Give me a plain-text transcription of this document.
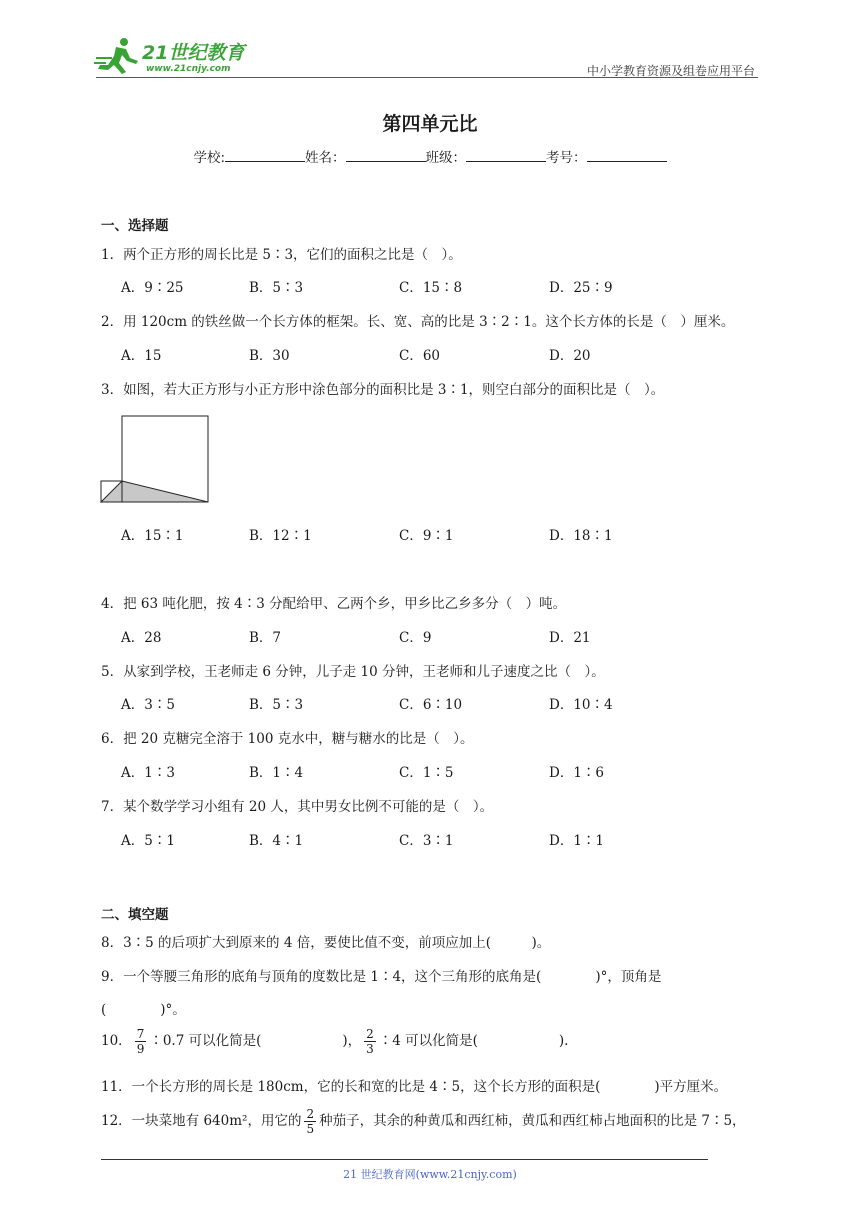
21世纪教育
www.21cnjy.com	中小学教育资源及组卷应用平台
第四单元比
学校:	姓名：	班级：	考号：
一、选择题
1．两个正方形的周长比是 5∶3，它们的面积之比是（　）。
A．9∶25	B．5∶3	C．15∶8	D．25∶9
2．用 120cm 的铁丝做一个长方体的框架。长、宽、高的比是 3∶2∶1。这个长方体的长是（　）厘米。
A．15	B．30	C．60	D．20
3．如图，若大正方形与小正方形中涂色部分的面积比是 3∶1，则空白部分的面积比是（　）。
A．15∶1	B．12∶1	C．9∶1	D．18∶1
4．把 63 吨化肥，按 4∶3 分配给甲、乙两个乡，甲乡比乙乡多分（　）吨。
A．28	B．7	C．9	D．21
5．从家到学校，王老师走 6 分钟，儿子走 10 分钟，王老师和儿子速度之比（　）。
A．3∶5	B．5∶3	C．6∶10	D．10∶4
6．把 20 克糖完全溶于 100 克水中，糖与糖水的比是（　）。
A．1∶3	B．1∶4	C．1∶5	D．1∶6
7．某个数学学习小组有 20 人，其中男女比例不可能的是（　）。
A．5∶1	B．4∶1	C．3∶1	D．1∶1
二、填空题
8．3∶5 的后项扩大到原来的 4 倍，要使比值不变，前项应加上(　　　)。
9．一个等腰三角形的底角与顶角的度数比是 1∶4，这个三角形的底角是(　　　　)°，顶角是
(　　　　)°。
10． $\frac{7}{9}$ ∶0.7 可以化简是(　　　　　　)， $\frac{2}{3}$ ∶4 可以化简是(　　　　　　).
11．一个长方形的周长是 180cm，它的长和宽的比是 4∶5，这个长方形的面积是(　　　　)平方厘米。
12．一块菜地有 640m²，用它的 $\frac{2}{5}$ 种茄子，其余的种黄瓜和西红柿，黄瓜和西红柿占地面积的比是 7∶5，
21 世纪教育网(www.21cnjy.com)
